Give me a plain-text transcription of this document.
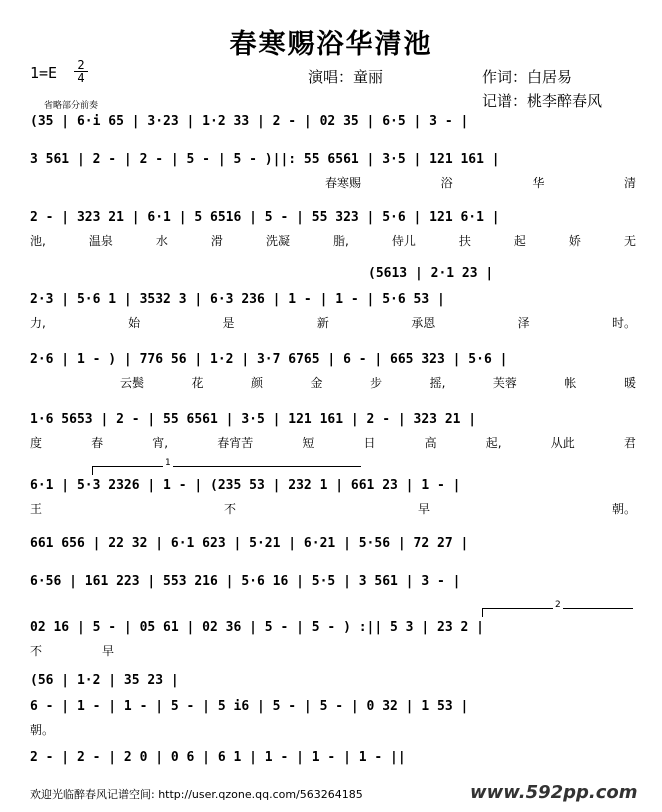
春寒赐浴华清池
1=E 2
4	演唱：童丽	作词：白居易
记谱：桃李醉春风
省略部分前奏
(35 | 6·i 65 | 3·23 | 1·2 33 | 2 - | 02 35 | 6·5 | 3 - |
3 561 | 2 - | 2 - | 5 - | 5 - )||: 55 6561 | 3·5 | 121 161 |
春寒赐	浴	华	清
2 - | 323 21 | 6·1 | 5 6516 | 5 - | 55 323 | 5·6 | 121 6·1 |
池,	温泉	水	滑	洗凝	脂,	侍儿	扶	起	娇	无
(5613 | 2·1 23 |
2·3 | 5·6 1 | 3532 3 | 6·3 236 | 1 - | 1 - | 5·6 53 |
力,	始	是	新	承恩	泽	时。
2·6 | 1 - ) | 776 56 | 1·2 | 3·7 6765 | 6 - | 665 323 | 5·6 |
云鬓	花	颜	金	步	摇,	芙蓉	帐	暖
1·6 5653 | 2 - | 55 6561 | 3·5 | 121 161 | 2 - | 323 21 |
度	春	宵,	春宵苦	短	日	高	起,	从此	君
1
6·1 | 5·3 2326 | 1 - | (235 53 | 232 1 | 661 23 | 1 - |
王	不	早	朝。
661 656 | 22 32 | 6·1 623 | 5·21 | 6·21 | 5·56 | 72 27 |
6·56 | 161 223 | 553 216 | 5·6 16 | 5·5 | 3 561 | 3 - |
2
02 16 | 5 - | 05 61 | 02 36 | 5 - | 5 - ) :|| 5 3 | 23 2 |
不	早
(56 | 1·2 | 35 23 |
6 - | 1 - | 1 - | 5 - | 5 i6 | 5 - | 5 - | 0 32 | 1 53 |
朝。
2 - | 2 - | 2 0 | 0 6 | 6 1 | 1 - | 1 - | 1 - ||
欢迎光临醉春风记谱空间: http://user.qzone.qq.com/563264185	www.592pp.com
